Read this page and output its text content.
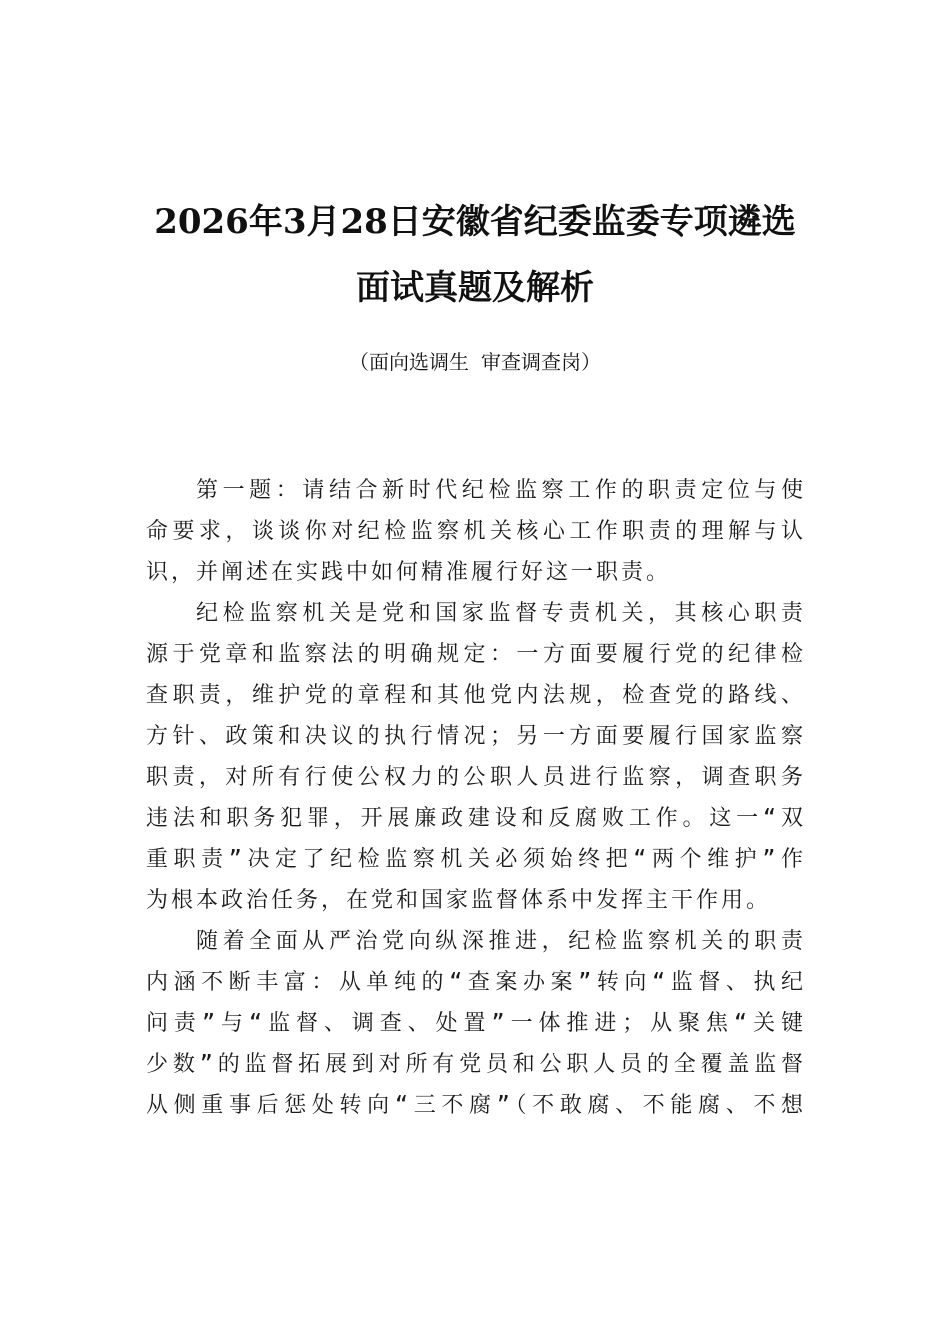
2026年3月28日安徽省纪委监委专项遴选
面试真题及解析
（面向选调生 审查调查岗）
第一题：请结合新时代纪检监察工作的职责定位与使
命要求，谈谈你对纪检监察机关核心工作职责的理解与认
识，并阐述在实践中如何精准履行好这一职责。
纪检监察机关是党和国家监督专责机关，其核心职责
源于党章和监察法的明确规定：一方面要履行党的纪律检
查职责，维护党的章程和其他党内法规，检查党的路线、
方针、政策和决议的执行情况；另一方面要履行国家监察
职责，对所有行使公权力的公职人员进行监察，调查职务
违法和职务犯罪，开展廉政建设和反腐败工作。这一“双
重职责”决定了纪检监察机关必须始终把“两个维护”作
为根本政治任务，在党和国家监督体系中发挥主干作用。
随着全面从严治党向纵深推进，纪检监察机关的职责
内涵不断丰富：从单纯的“查案办案”转向“监督、执纪
问责”与“监督、调查、处置”一体推进；从聚焦“关键
少数”的监督拓展到对所有党员和公职人员的全覆盖监督
从侧重事后惩处转向“三不腐”（不敢腐、不能腐、不想
